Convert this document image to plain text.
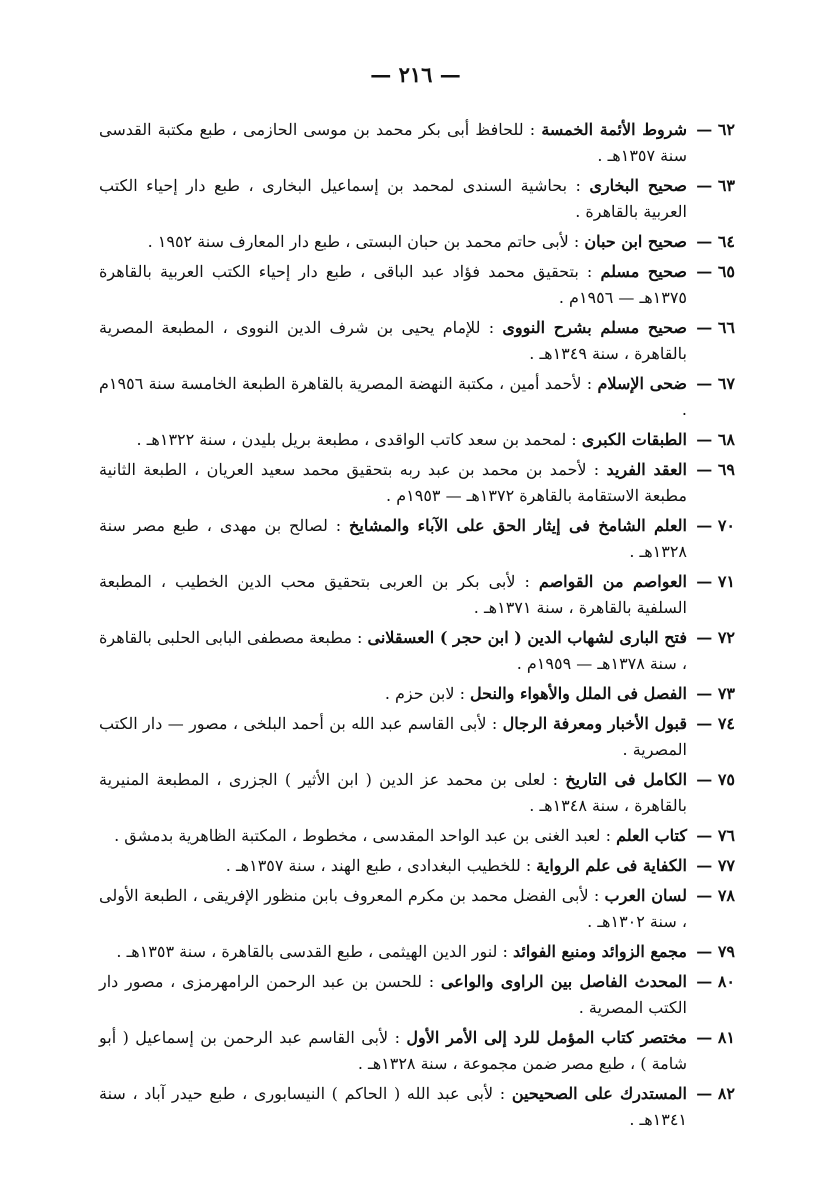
— ٢١٦ —
٦٢ —
شروط الأئمة الخمسة : للحافظ أبى بكر محمد بن موسى الحازمى ، طبع مكتبة القدسى سنة ١٣٥٧هـ .
٦٣ —
صحيح البخارى : بحاشية السندى لمحمد بن إسماعيل البخارى ، طبع دار إحياء الكتب العربية بالقاهرة .
٦٤ —
صحيح ابن حبان : لأبى حاتم محمد بن حبان البستى ، طبع دار المعارف سنة ١٩٥٢ .
٦٥ —
صحيح مسلم : بتحقيق محمد فؤاد عبد الباقى ، طبع دار إحياء الكتب العربية بالقاهرة ١٣٧٥هـ — ١٩٥٦م .
٦٦ —
صحيح مسلم بشرح النووى : للإمام يحيى بن شرف الدين النووى ، المطبعة المصرية بالقاهرة ، سنة ١٣٤٩هـ .
٦٧ —
ضحى الإسلام : لأحمد أمين ، مكتبة النهضة المصرية بالقاهرة الطبعة الخامسة سنة ١٩٥٦م .
٦٨ —
الطبقات الكبرى : لمحمد بن سعد كاتب الواقدى ، مطبعة بريل بليدن ، سنة ١٣٢٢هـ .
٦٩ —
العقد الفريد : لأحمد بن محمد بن عبد ربه بتحقيق محمد سعيد العريان ، الطبعة الثانية مطبعة الاستقامة بالقاهرة ١٣٧٢هـ — ١٩٥٣م .
٧٠ —
العلم الشامخ فى إيثار الحق على الآباء والمشايخ : لصالح بن مهدى ، طبع مصر سنة ١٣٢٨هـ .
٧١ —
العواصم من القواصم : لأبى بكر بن العربى بتحقيق محب الدين الخطيب ، المطبعة السلفية بالقاهرة ، سنة ١٣٧١هـ .
٧٢ —
فتح البارى لشهاب الدين ( ابن حجر ) العسقلانى : مطبعة مصطفى البابى الحلبى بالقاهرة ، سنة ١٣٧٨هـ — ١٩٥٩م .
٧٣ —
الفصل فى الملل والأهواء والنحل : لابن حزم .
٧٤ —
قبول الأخبار ومعرفة الرجال : لأبى القاسم عبد الله بن أحمد البلخى ، مصور — دار الكتب المصرية .
٧٥ —
الكامل فى التاريخ : لعلى بن محمد عز الدين ( ابن الأثير ) الجزرى ، المطبعة المنيرية بالقاهرة ، سنة ١٣٤٨هـ .
٧٦ —
كتاب العلم : لعبد الغنى بن عبد الواحد المقدسى ، مخطوط ، المكتبة الظاهرية بدمشق .
٧٧ —
الكفاية فى علم الرواية : للخطيب البغدادى ، طبع الهند ، سنة ١٣٥٧هـ .
٧٨ —
لسان العرب : لأبى الفضل محمد بن مكرم المعروف بابن منظور الإفريقى ، الطبعة الأولى ، سنة ١٣٠٢هـ .
٧٩ —
مجمع الزوائد ومنبع الفوائد : لنور الدين الهيثمى ، طبع القدسى بالقاهرة ، سنة ١٣٥٣هـ .
٨٠ —
المحدث الفاصل بين الراوى والواعى : للحسن بن عبد الرحمن الرامهرمزى ، مصور دار الكتب المصرية .
٨١ —
مختصر كتاب المؤمل للرد إلى الأمر الأول : لأبى القاسم عبد الرحمن بن إسماعيل ( أبو شامة ) ، طبع مصر ضمن مجموعة ، سنة ١٣٢٨هـ .
٨٢ —
المستدرك على الصحيحين : لأبى عبد الله ( الحاكم ) النيسابورى ، طبع حيدر آباد ، سنة ١٣٤١هـ .
